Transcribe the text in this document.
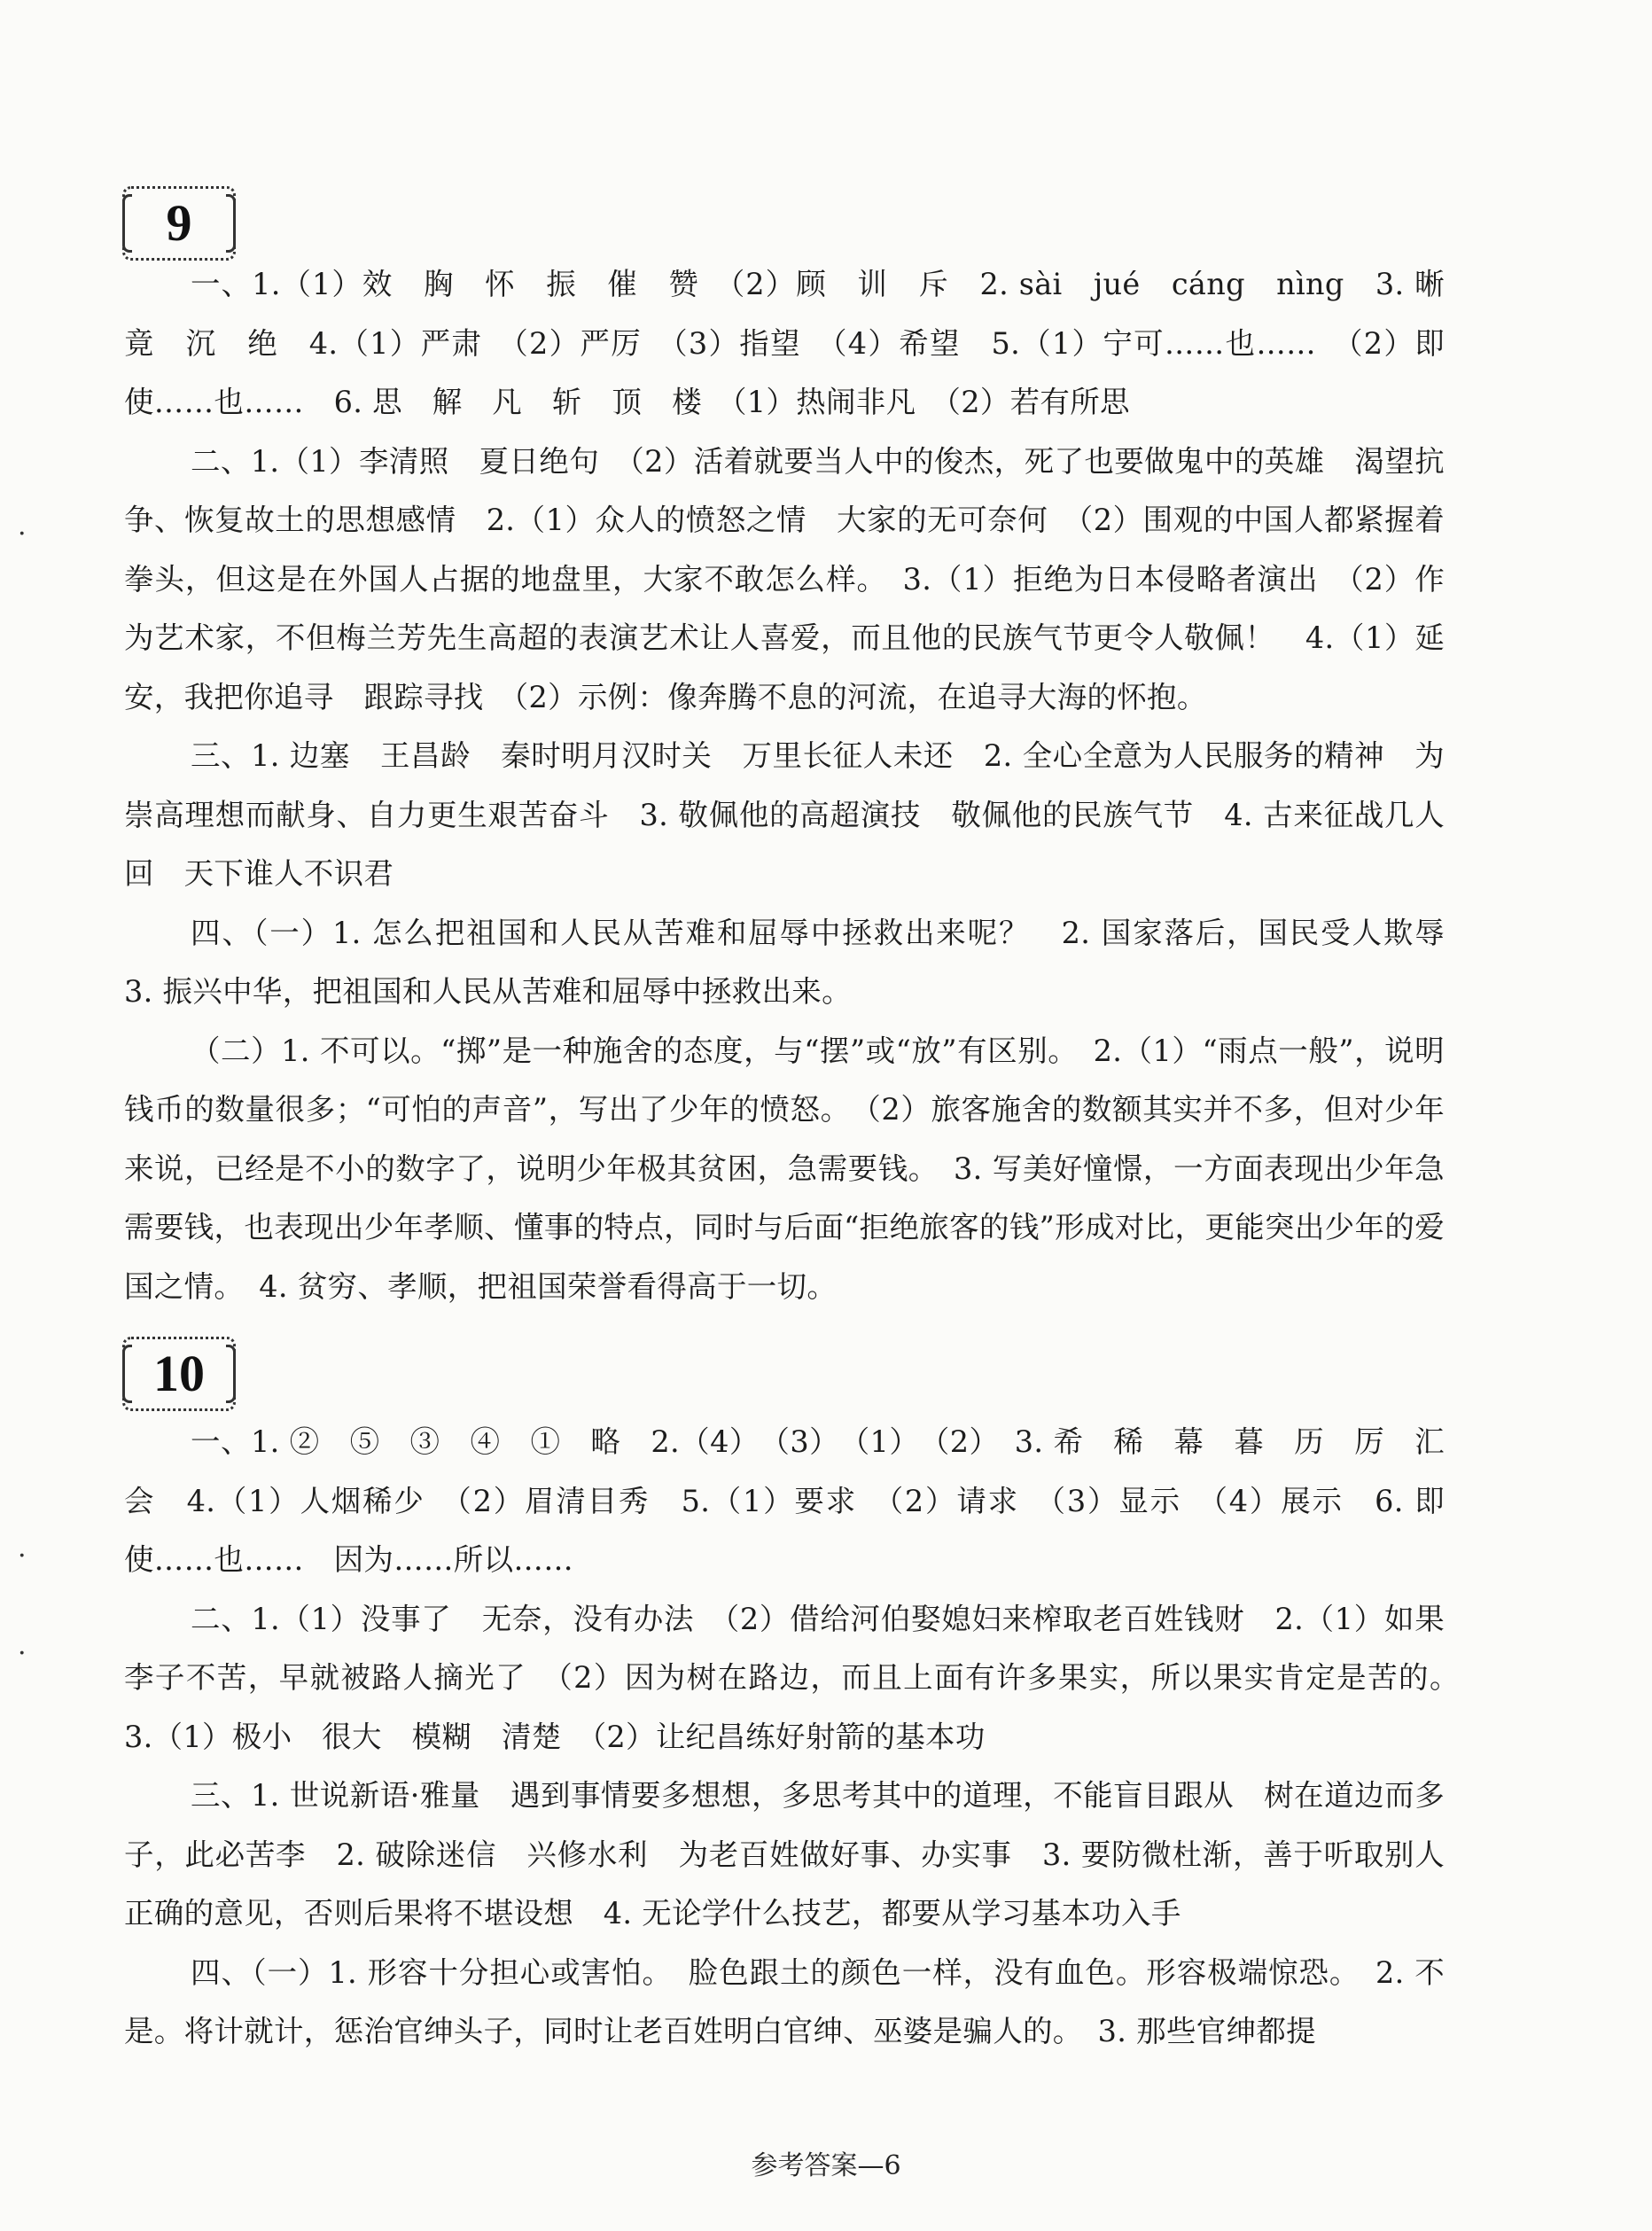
9
一、1.（1）效　胸　怀　振　催　赞　（2）顾　训　斥　2. sài　jué　cáng　nìng　3. 晰　竟　沉　绝　4.（1）严肃　（2）严厉　（3）指望　（4）希望　5.（1）宁可……也……　（2）即使……也……　6. 思　解　凡　斩　顶　楼　（1）热闹非凡　（2）若有所思
二、1.（1）李清照　夏日绝句　（2）活着就要当人中的俊杰，死了也要做鬼中的英雄　渴望抗争、恢复故土的思想感情　2.（1）众人的愤怒之情　大家的无可奈何　（2）围观的中国人都紧握着拳头，但这是在外国人占据的地盘里，大家不敢怎么样。　3.（1）拒绝为日本侵略者演出　（2）作为艺术家，不但梅兰芳先生高超的表演艺术让人喜爱，而且他的民族气节更令人敬佩！　4.（1）延安，我把你追寻　跟踪寻找　（2）示例：像奔腾不息的河流，在追寻大海的怀抱。
三、1. 边塞　王昌龄　秦时明月汉时关　万里长征人未还　2. 全心全意为人民服务的精神　为崇高理想而献身、自力更生艰苦奋斗　3. 敬佩他的高超演技　敬佩他的民族气节　4. 古来征战几人回　天下谁人不识君
四、（一）1. 怎么把祖国和人民从苦难和屈辱中拯救出来呢？　2. 国家落后，国民受人欺辱　3. 振兴中华，把祖国和人民从苦难和屈辱中拯救出来。
（二）1. 不可以。“掷”是一种施舍的态度，与“摆”或“放”有区别。　2.（1）“雨点一般”，说明钱币的数量很多；“可怕的声音”，写出了少年的愤怒。　（2）旅客施舍的数额其实并不多，但对少年来说，已经是不小的数字了，说明少年极其贫困，急需要钱。　3. 写美好憧憬，一方面表现出少年急需要钱，也表现出少年孝顺、懂事的特点，同时与后面“拒绝旅客的钱”形成对比，更能突出少年的爱国之情。　4. 贫穷、孝顺，把祖国荣誉看得高于一切。
10
一、1. ②　⑤　③　④　①　略　2.（4）　（3）　（1）　（2）　3. 希　稀　幕　暮　历　厉　汇　会　4.（1）人烟稀少　（2）眉清目秀　5.（1）要求　（2）请求　（3）显示　（4）展示　6. 即使……也……　因为……所以……
二、1.（1）没事了　无奈，没有办法　（2）借给河伯娶媳妇来榨取老百姓钱财　2.（1）如果李子不苦，早就被路人摘光了　（2）因为树在路边，而且上面有许多果实，所以果实肯定是苦的。　3.（1）极小　很大　模糊　清楚　（2）让纪昌练好射箭的基本功
三、1. 世说新语·雅量　遇到事情要多想想，多思考其中的道理，不能盲目跟从　树在道边而多子，此必苦李　2. 破除迷信　兴修水利　为老百姓做好事、办实事　3. 要防微杜渐，善于听取别人正确的意见，否则后果将不堪设想　4. 无论学什么技艺，都要从学习基本功入手
四、（一）1. 形容十分担心或害怕。　脸色跟土的颜色一样，没有血色。形容极端惊恐。　2. 不是。将计就计，惩治官绅头子，同时让老百姓明白官绅、巫婆是骗人的。　3. 那些官绅都提
·
·
·
参考答案—6
